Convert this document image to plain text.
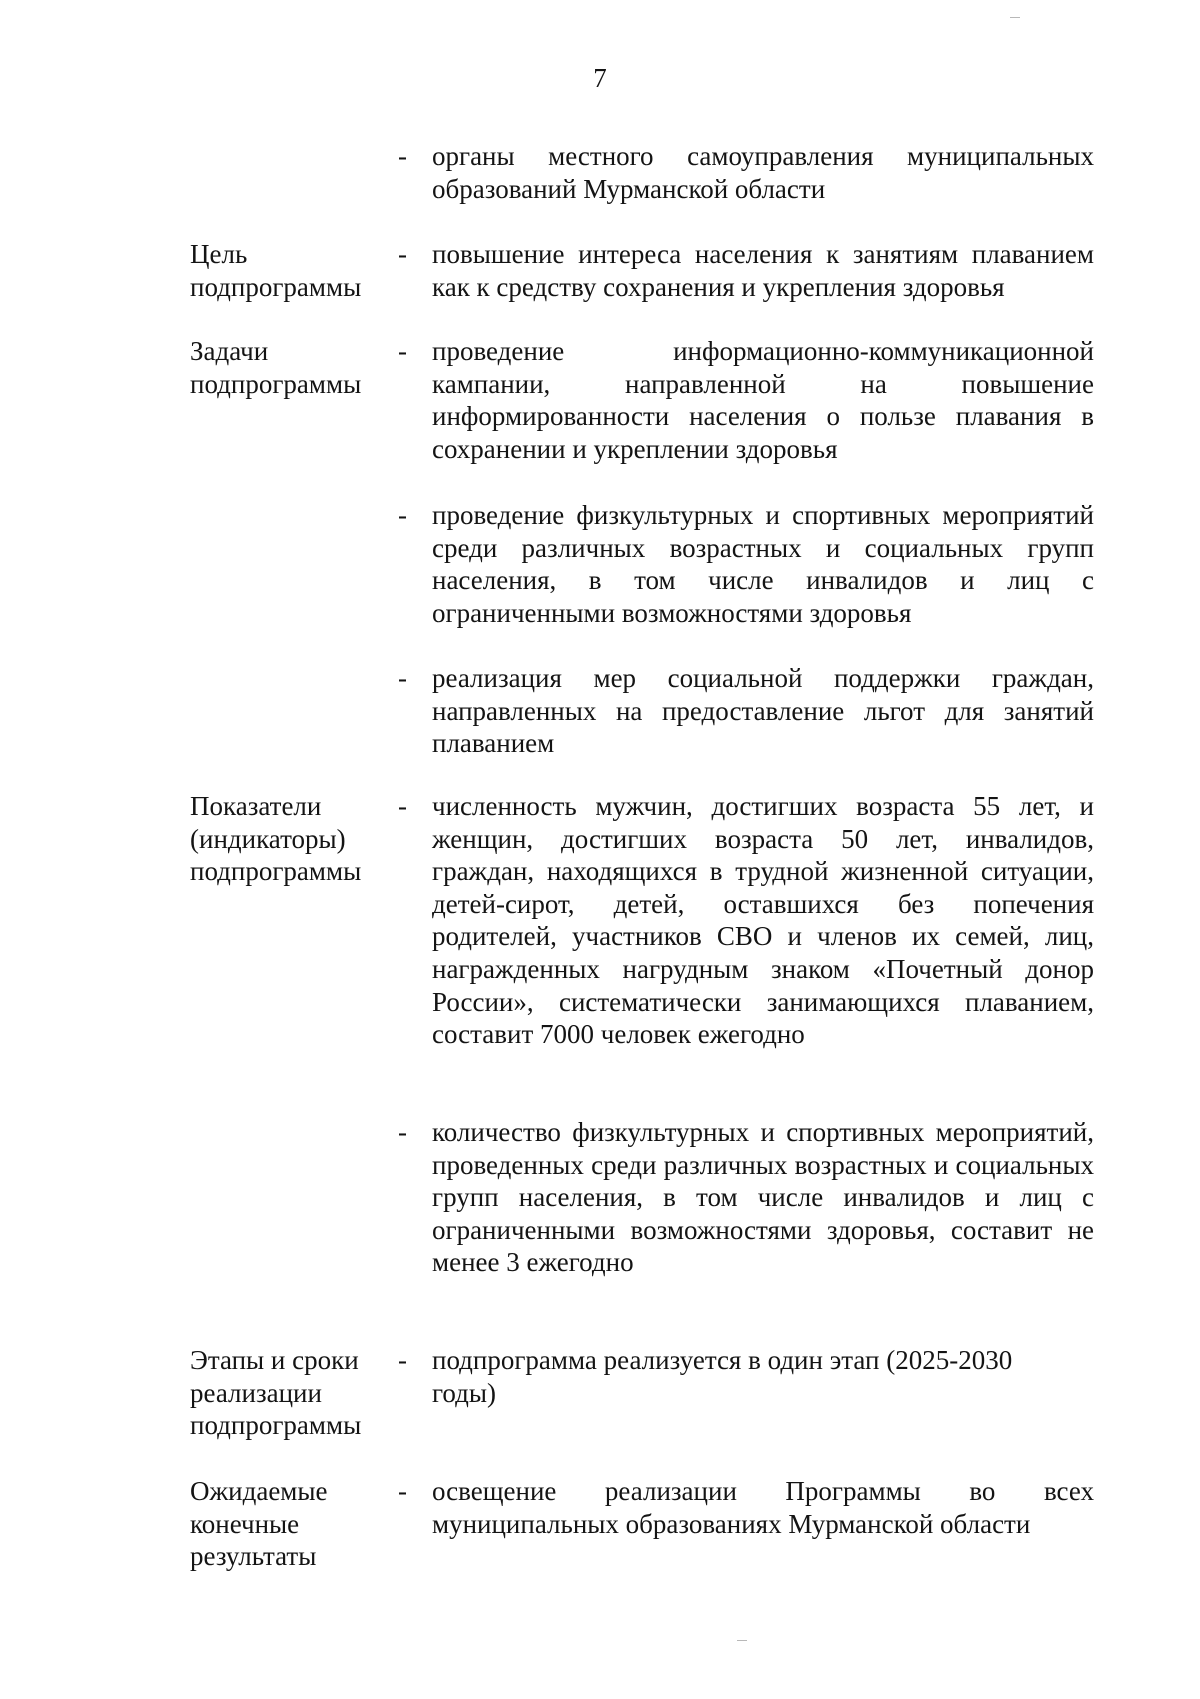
7
- органы местного самоуправления муниципальных образований Мурманской области
Цель
подпрограммы
- повышение интереса населения к занятиям плаванием как к средству сохранения и укрепления здоровья
Задачи
подпрограммы
- проведение информационно-коммуникационной кампании, направленной на повышение информированности населения о пользе плавания в сохранении и укреплении здоровья
- проведение физкультурных и спортивных мероприятий среди различных возрастных и социальных групп населения, в том числе инвалидов и лиц с ограниченными возможностями здоровья
- реализация мер социальной поддержки граждан, направленных на предоставление льгот для занятий плаванием
Показатели
(индикаторы)
подпрограммы
- численность мужчин, достигших возраста 55 лет, и женщин, достигших возраста 50 лет, инвалидов, граждан, находящихся в трудной жизненной ситуации, детей-сирот, детей, оставшихся без попечения родителей, участников СВО и членов их семей, лиц, награжденных нагрудным знаком «Почетный донор России», систематически занимающихся плаванием, составит 7000 человек ежегодно
- количество физкультурных и спортивных мероприятий, проведенных среди различных возрастных и социальных групп населения, в том числе инвалидов и лиц с ограниченными возможностями здоровья, составит не менее 3 ежегодно
Этапы и сроки
реализации
подпрограммы
- подпрограмма реализуется в один этап (2025-2030 годы)
Ожидаемые
конечные
результаты
- освещение реализации Программы во всех муниципальных образованиях Мурманской области
